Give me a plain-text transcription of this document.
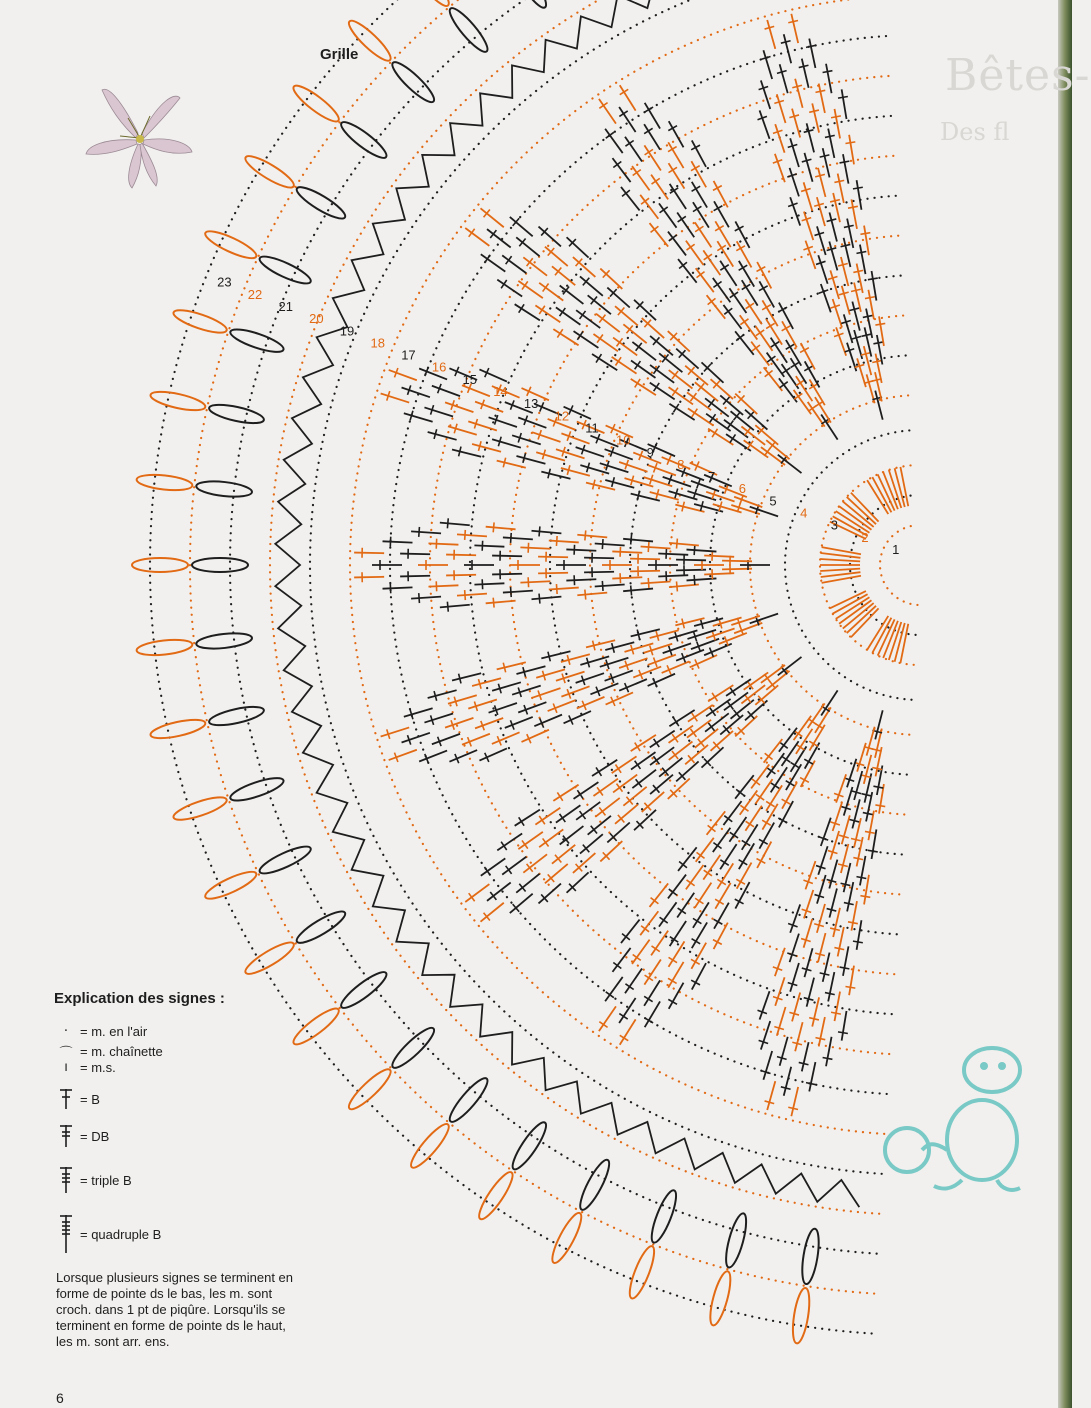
Bêtes-
Des fl
Grille
1
2
3
4
5
6
7
8
9
10
11
12
13
14
15
16
17
18
19
20
21
22
23
Explication des signes :
· = m. en l'air
⌒ = m. chaînette
ı = m.s.
= B
= DB
= triple B
= quadruple B
Lorsque plusieurs signes se terminent en forme de pointe ds le bas, les m. sont croch. dans 1 pt de piqûre. Lorsqu'ils se terminent en forme de pointe ds le haut, les m. sont arr. ens.
6
